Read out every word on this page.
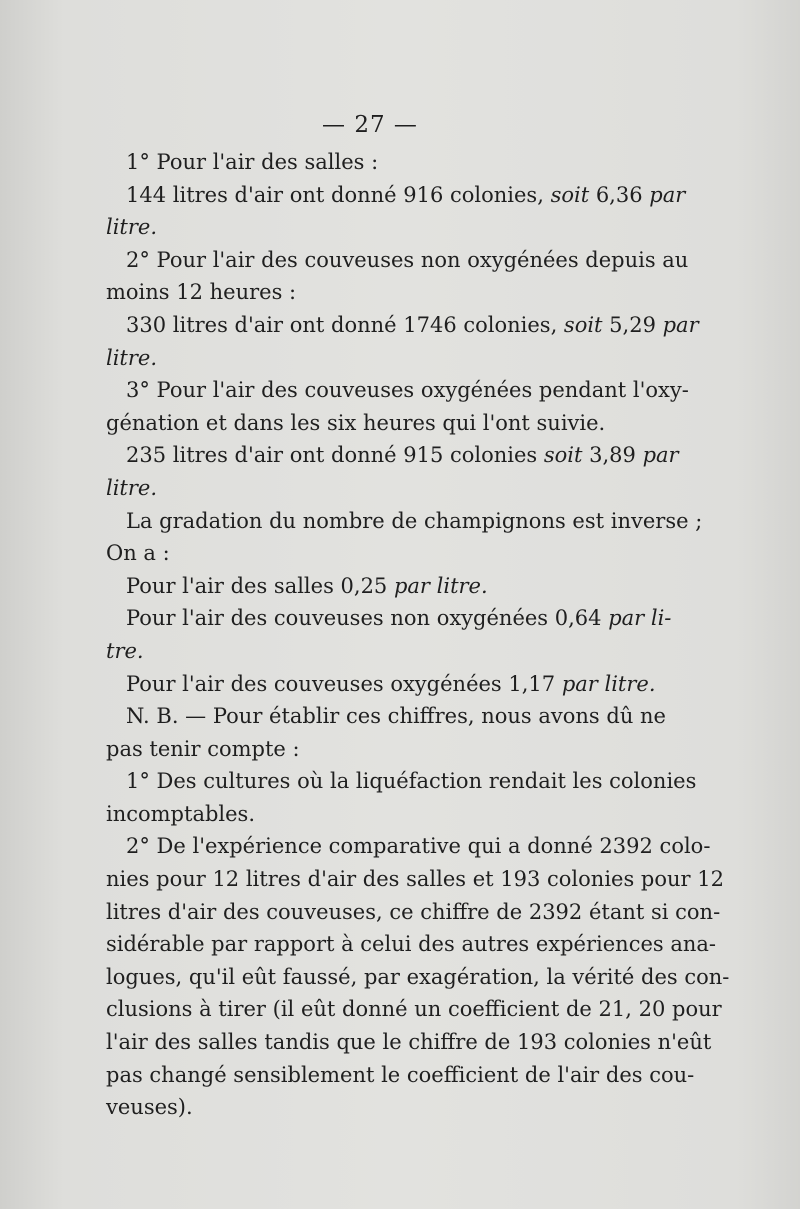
— 27 —
1° Pour l'air des salles :
144 litres d'air ont donné 916 colonies, soit 6,36 par
litre.
2° Pour l'air des couveuses non oxygénées depuis au
moins 12 heures :
330 litres d'air ont donné 1746 colonies, soit 5,29 par
litre.
3° Pour l'air des couveuses oxygénées pendant l'oxy-
génation et dans les six heures qui l'ont suivie.
235 litres d'air ont donné 915 colonies soit 3,89 par
litre.
La gradation du nombre de champignons est inverse ;
On a :
Pour l'air des salles 0,25 par litre.
Pour l'air des couveuses non oxygénées 0,64 par li-
tre.
Pour l'air des couveuses oxygénées 1,17 par litre.
N. B. — Pour établir ces chiffres, nous avons dû ne
pas tenir compte :
1° Des cultures où la liquéfaction rendait les colonies
incomptables.
2° De l'expérience comparative qui a donné 2392 colo-
nies pour 12 litres d'air des salles et 193 colonies pour 12
litres d'air des couveuses, ce chiffre de 2392 étant si con-
sidérable par rapport à celui des autres expériences ana-
logues, qu'il eût faussé, par exagération, la vérité des con-
clusions à tirer (il eût donné un coefficient de 21, 20 pour
l'air des salles tandis que le chiffre de 193 colonies n'eût
pas changé sensiblement le coefficient de l'air des cou-
veuses).
